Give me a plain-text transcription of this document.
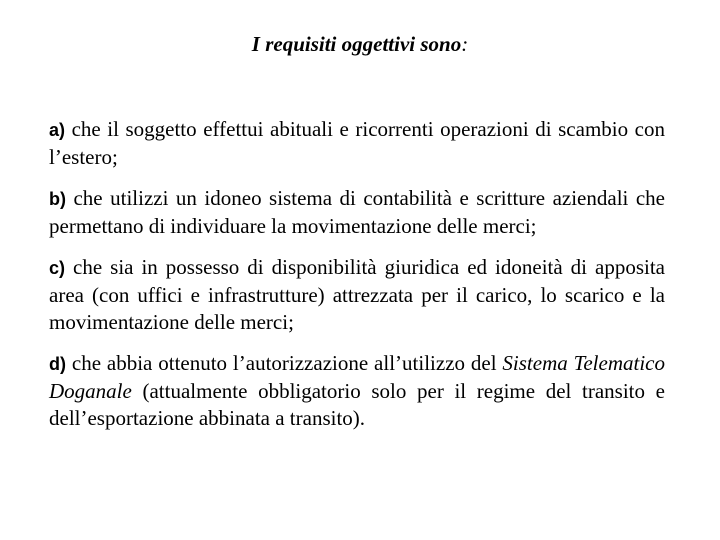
I requisiti oggettivi sono:

a) che il soggetto effettui abituali e ricorrenti operazioni di scambio con l’estero;

b) che utilizzi un idoneo sistema di contabilità e scritture aziendali che permettano di individuare la movimentazione delle merci;

c) che sia in possesso di disponibilità giuridica ed idoneità di apposita area (con uffici e infrastrutture) attrezzata per il carico, lo scarico e la movimentazione delle merci;

d) che abbia ottenuto l’autorizzazione all’utilizzo del Sistema Telematico Doganale (attualmente obbligatorio solo per il regime del transito e dell’esportazione abbinata a transito).
